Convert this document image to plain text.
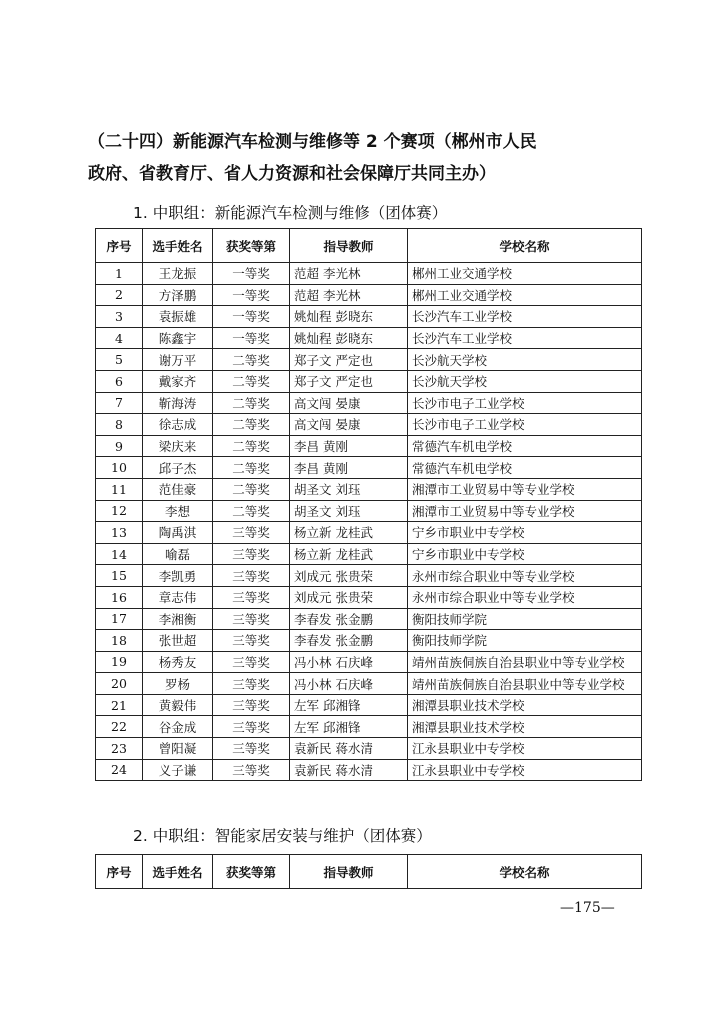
（二十四）新能源汽车检测与维修等 2 个赛项（郴州市人民
政府、省教育厅、省人力资源和社会保障厅共同主办）
1. 中职组：新能源汽车检测与维修（团体赛）
序号	选手姓名	获奖等第	指导教师	学校名称
1	王龙振	一等奖	范超 李光林	郴州工业交通学校
2	方泽鹏	一等奖	范超 李光林	郴州工业交通学校
3	袁振雄	一等奖	姚灿程 彭晓东	长沙汽车工业学校
4	陈鑫宇	一等奖	姚灿程 彭晓东	长沙汽车工业学校
5	谢万平	二等奖	郑子文 严定也	长沙航天学校
6	戴家齐	二等奖	郑子文 严定也	长沙航天学校
7	靳海涛	二等奖	高文闯 晏康	长沙市电子工业学校
8	徐志成	二等奖	高文闯 晏康	长沙市电子工业学校
9	梁庆来	二等奖	李昌 黄刚	常德汽车机电学校
10	邱子杰	二等奖	李昌 黄刚	常德汽车机电学校
11	范佳豪	二等奖	胡圣文 刘珏	湘潭市工业贸易中等专业学校
12	李想	二等奖	胡圣文 刘珏	湘潭市工业贸易中等专业学校
13	陶禹淇	三等奖	杨立新 龙桂武	宁乡市职业中专学校
14	喻磊	三等奖	杨立新 龙桂武	宁乡市职业中专学校
15	李凯勇	三等奖	刘成元 张贵荣	永州市综合职业中等专业学校
16	章志伟	三等奖	刘成元 张贵荣	永州市综合职业中等专业学校
17	李湘衡	三等奖	李春发 张金鹏	衡阳技师学院
18	张世超	三等奖	李春发 张金鹏	衡阳技师学院
19	杨秀友	三等奖	冯小林 石庆峰	靖州苗族侗族自治县职业中等专业学校
20	罗杨	三等奖	冯小林 石庆峰	靖州苗族侗族自治县职业中等专业学校
21	黄毅伟	三等奖	左军 邱湘锋	湘潭县职业技术学校
22	谷金成	三等奖	左军 邱湘锋	湘潭县职业技术学校
23	曾阳凝	三等奖	袁新民 蒋水清	江永县职业中专学校
24	义子谦	三等奖	袁新民 蒋水清	江永县职业中专学校
2. 中职组：智能家居安装与维护（团体赛）
序号	选手姓名	获奖等第	指导教师	学校名称
—175—
